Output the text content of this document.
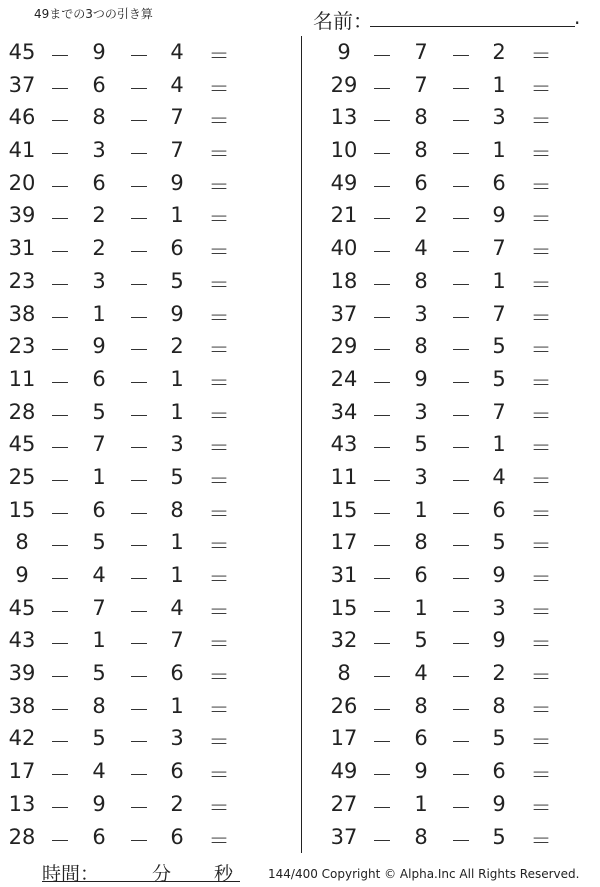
49までの3つの引き算	名前：	.
45 －	9	－ 4	＝
37 －	6	－ 4	＝
46 －	8	－ 7	＝
41 －	3	－ 7	＝
20 －	6	－ 9	＝
39 －	2	－ 1	＝
31 －	2	－ 6	＝
23 －	3	－ 5	＝
38 －	1	－ 9	＝
23 －	9	－ 2	＝
11 －	6	－ 1	＝
28 －	5	－ 1	＝
45 －	7	－ 3	＝
25 －	1	－ 5	＝
15 －	6	－ 8	＝
8 －	5	－ 1	＝
9 －	4	－ 1	＝
45 －	7	－ 4	＝
43 －	1	－ 7	＝
39 －	5	－ 6	＝
38 －	8	－ 1	＝
42 －	5	－ 3	＝
17 －	4	－ 6	＝
13 －	9	－ 2	＝
28 －	6	－ 6	＝
9 －	7	－ 2	＝
29 －	7	－ 1	＝
13 －	8	－ 3	＝
10 －	8	－ 1	＝
49 －	6	－ 6	＝
21 －	2	－ 9	＝
40 －	4	－ 7	＝
18 －	8	－ 1	＝
37 －	3	－ 7	＝
29 －	8	－ 5	＝
24 －	9	－ 5	＝
34 －	3	－ 7	＝
43 －	5	－ 1	＝
11 －	3	－ 4	＝
15 －	1	－ 6	＝
17 －	8	－ 5	＝
31 －	6	－ 9	＝
15 －	1	－ 3	＝
32 －	5	－ 9	＝
8 －	4	－ 2	＝
26 －	8	－ 8	＝
17 －	6	－ 5	＝
49 －	9	－ 6	＝
27 －	1	－ 9	＝
37 －	8	－ 5	＝
時間：	分 秒	144/400 Copyright © Alpha.Inc All Rights Reserved.
